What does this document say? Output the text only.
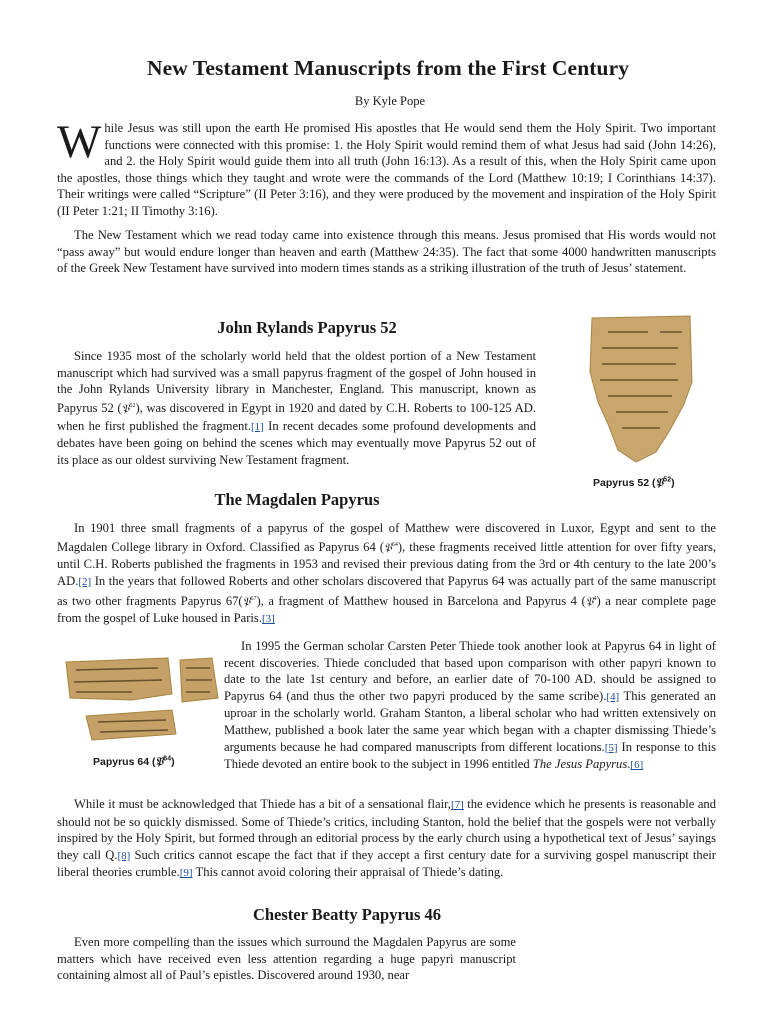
New Testament Manuscripts from the First Century
By Kyle Pope

While Jesus was still upon the earth He promised His apostles that He would send them the Holy Spirit. Two important functions were connected with this promise: 1. the Holy Spirit would remind them of what Jesus had said (John 14:26), and 2. the Holy Spirit would guide them into all truth (John 16:13). As a result of this, when the Holy Spirit came upon the apostles, those things which they taught and wrote were the commands of the Lord (Matthew 10:19; I Corinthians 14:37). Their writings were called “Scripture” (II Peter 3:16), and they were produced by the movement and inspiration of the Holy Spirit (II Peter 1:21; II Timothy 3:16).

The New Testament which we read today came into existence through this means. Jesus promised that His words would not “pass away” but would endure longer than heaven and earth (Matthew 24:35). The fact that some 4000 handwritten manuscripts of the Greek New Testament have survived into modern times stands as a striking illustration of the truth of Jesus’ statement.

John Rylands Papyrus 52

Since 1935 most of the scholarly world held that the oldest portion of a New Testament manuscript which had survived was a small papyrus fragment of the gospel of John housed in the John Rylands University library in Manchester, England. This manuscript, known as Papyrus 52 (𝔓$^{52}$), was discovered in Egypt in 1920 and dated by C.H. Roberts to 100-125 AD. when he first published the fragment.[1] In recent decades some profound developments and debates have been going on behind the scenes which may eventually move Papyrus 52 out of its place as our oldest surviving New Testament fragment.

Papyrus 52 (𝔓$^{52}$)
The Magdalen Papyrus

In 1901 three small fragments of a papyrus of the gospel of Matthew were discovered in Luxor, Egypt and sent to the Magdalen College library in Oxford. Classified as Papyrus 64 (𝔓$^{64}$), these fragments received little attention for over fifty years, until C.H. Roberts published the fragments in 1953 and revised their previous dating from the 3rd or 4th century to the late 200’s AD.[2] In the years that followed Roberts and other scholars discovered that Papyrus 64 was actually part of the same manuscript as two other fragments Papyrus 67(𝔓$^{67}$), a fragment of Matthew housed in Barcelona and Papyrus 4 (𝔓$^4$) a near complete page from the gospel of Luke housed in Paris.[3]

Papyrus 64 (𝔓$^{64}$)

In 1995 the German scholar Carsten Peter Thiede took another look at Papyrus 64 in light of recent discoveries. Thiede concluded that based upon comparison with other papyri known to date to the late 1st century and before, an earlier date of 70-100 AD. should be assigned to Papyrus 64 (and thus the other two papyri produced by the same scribe).[4] This generated an uproar in the scholarly world. Graham Stanton, a liberal scholar who had written extensively on Matthew, published a book later the same year which began with a chapter dismissing Thiede’s arguments because he had compared manuscripts from different locations.[5] In response to this Thiede devoted an entire book to the subject in 1996 entitled The Jesus Papyrus.[6]

While it must be acknowledged that Thiede has a bit of a sensational flair,[7] the evidence which he presents is reasonable and should not be so quickly dismissed. Some of Thiede’s critics, including Stanton, hold the belief that the gospels were not verbally inspired by the Holy Spirit, but formed through an editorial process by the early church using a hypothetical text of Jesus’ sayings they call Q.[8] Such critics cannot escape the fact that if they accept a first century date for a surviving gospel manuscript their liberal theories crumble.[9] This cannot avoid coloring their appraisal of Thiede’s dating.

Chester Beatty Papyrus 46

Even more compelling than the issues which surround the Magdalen Papyrus are some matters which have received even less attention regarding a huge papyri manuscript containing almost all of Paul’s epistles. Discovered around 1930, near
